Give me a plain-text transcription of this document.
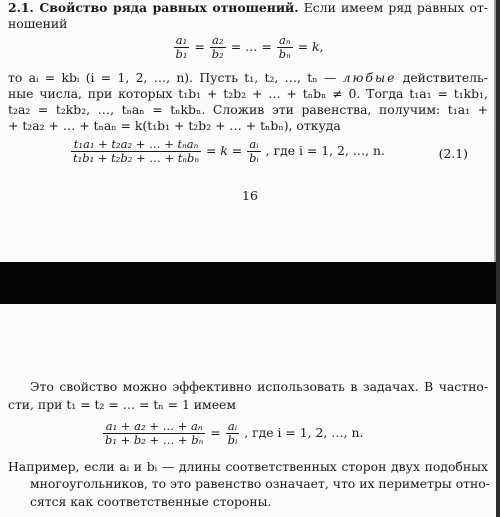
2.1. Свойство ряда равных отношений. Если имеем ряд равных от-
ношений
$\frac{\text{a₁}}{\text{b₁}} = \frac{\text{a₂}}{\text{b₂}}$ = … = $\frac{\text{aₙ}}{\text{bₙ}} = k$,
то aᵢ = kbᵢ (i = 1, 2, …, n). Пусть t₁, t₂, …, tₙ — любые действитель-
ные числа, при которых t₁b₁ + t₂b₂ + … + tₙbₙ ≠ 0. Тогда t₁a₁ = t₁kb₁,
t₂a₂ = t₂kb₂, …, tₙaₙ = tₙkbₙ. Сложив эти равенства, получим: t₁a₁ +
+ t₂a₂ + … + tₙaₙ = k(t₁b₁ + t₂b₂ + … + tₙbₙ), откуда
$\frac{\text{t₁a₁ + t₂a₂ + … + tₙaₙ}}{\text{t₁b₁ + t₂b₂ + … + tₙbₙ}} = k = \frac{\text{aᵢ}}{\text{bᵢ}}$ , где i = 1, 2, …, n.	(2.1)
16
Это свойство можно эффективно использовать в задачах. В частно-
сти, при t₁ = t₂ = … = tₙ = 1 имеем
$\frac{\text{a₁ + a₂ + … + aₙ}}{\text{b₁ + b₂ + … + bₙ}} = \frac{\text{aᵢ}}{\text{bᵢ}}$ , где i = 1, 2, …, n.
Например, если aᵢ и bᵢ — длины соответственных сторон двух подобных
многоугольников, то это равенство означает, что их периметры отно-
сятся как соответственные стороны.
